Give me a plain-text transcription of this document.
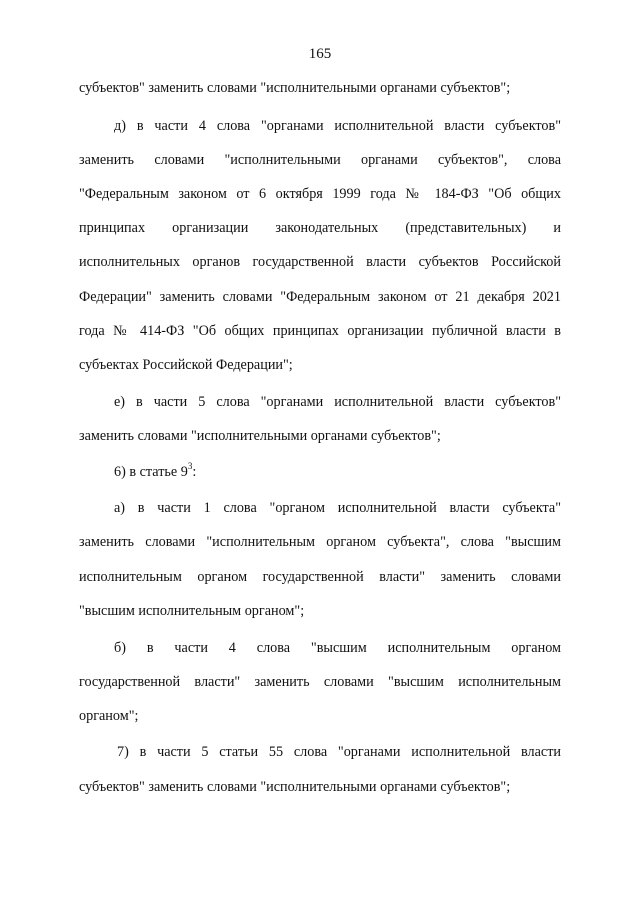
165
субъектов" заменить словами "исполнительными органами субъектов";
д) в части 4 слова "органами исполнительной власти субъектов"
заменить словами "исполнительными органами субъектов", слова
"Федеральным законом от 6 октября 1999 года № 184-ФЗ "Об общих
принципах организации законодательных (представительных) и
исполнительных органов государственной власти субъектов Российской
Федерации" заменить словами "Федеральным законом от 21 декабря 2021
года № 414-ФЗ "Об общих принципах организации публичной власти в
субъектах Российской Федерации";
е) в части 5 слова "органами исполнительной власти субъектов"
заменить словами "исполнительными органами субъектов";
6) в статье $9^3$:
а) в части 1 слова "органом исполнительной власти субъекта"
заменить словами "исполнительным органом субъекта", слова "высшим
исполнительным органом государственной власти" заменить словами
"высшим исполнительным органом";
б) в части 4 слова "высшим исполнительным органом
государственной власти" заменить словами "высшим исполнительным
органом";
7) в части 5 статьи 55 слова "органами исполнительной власти
субъектов" заменить словами "исполнительными органами субъектов";
